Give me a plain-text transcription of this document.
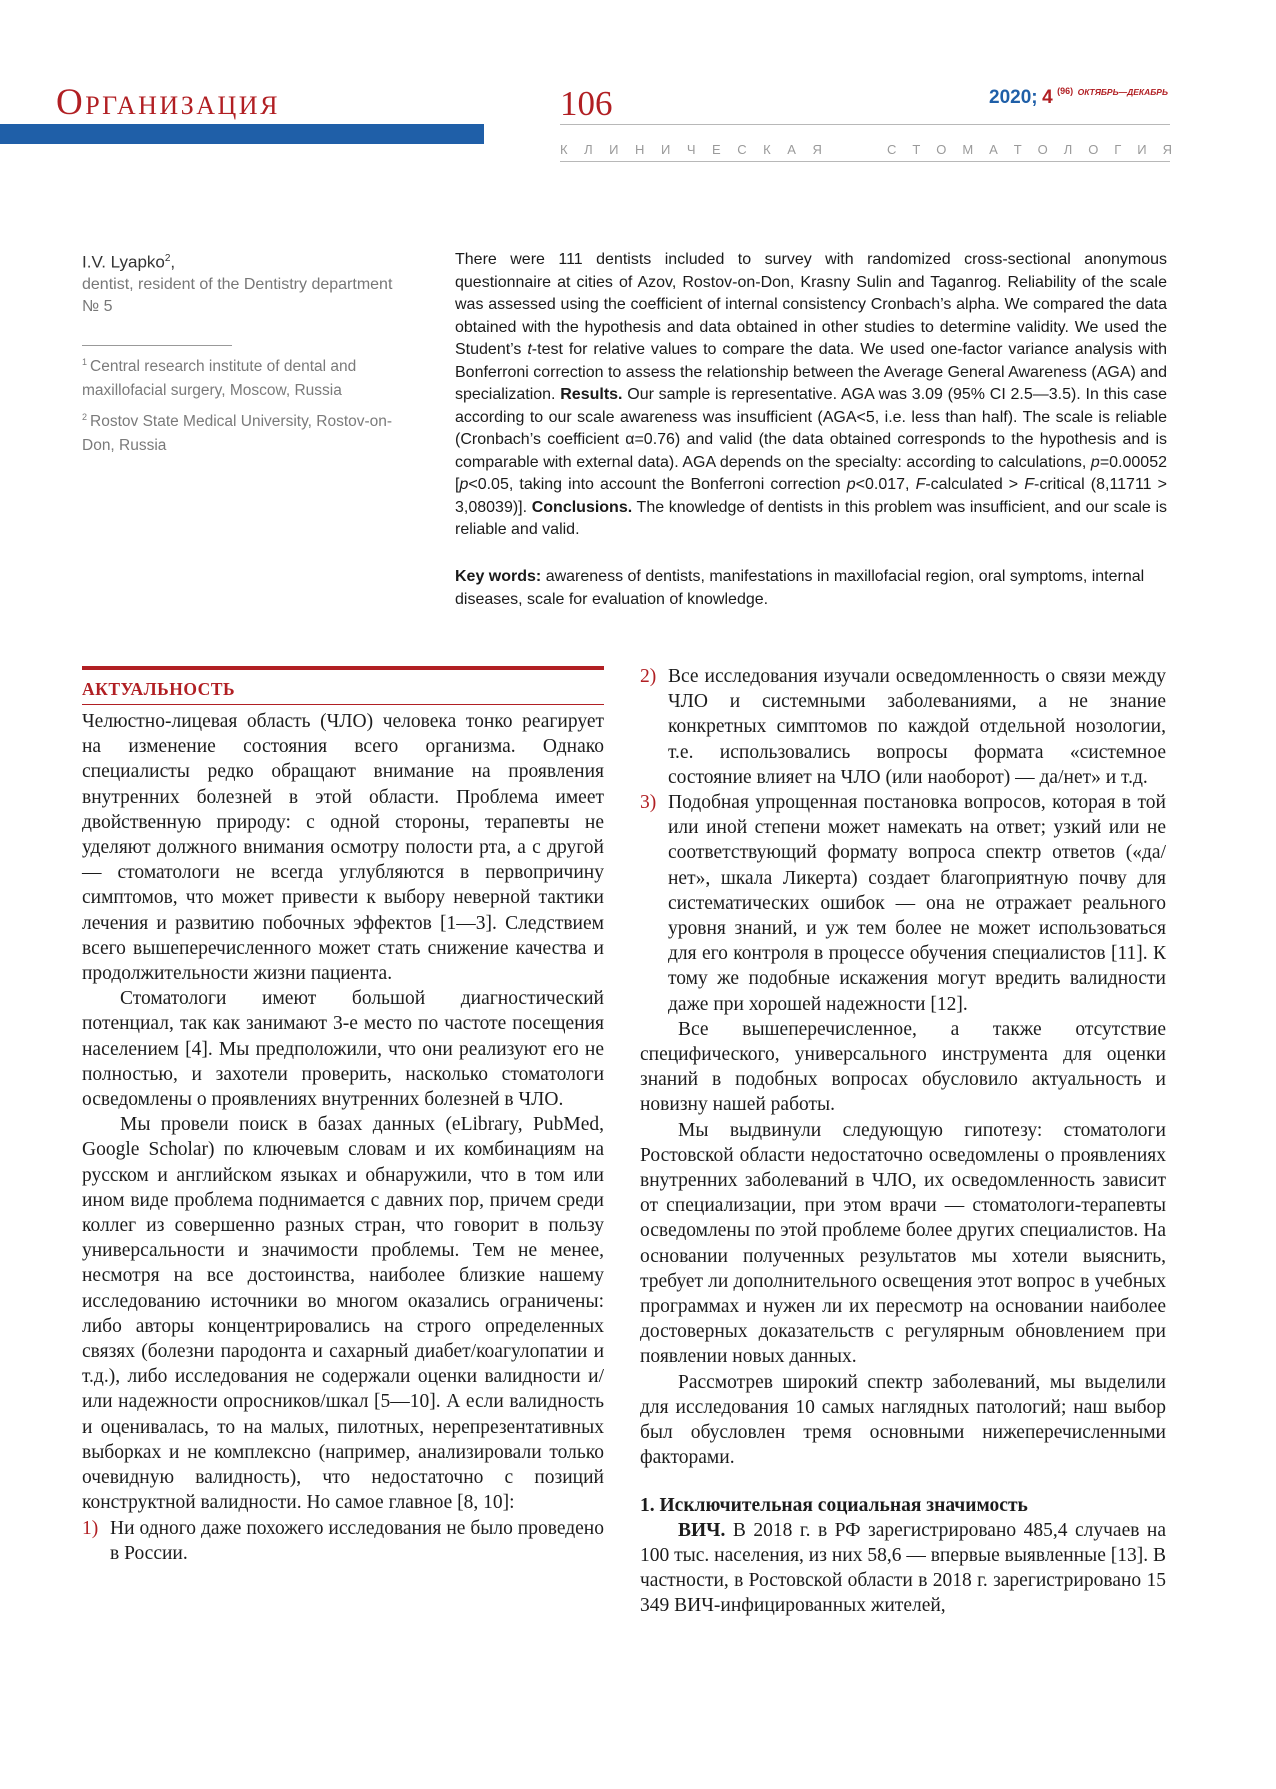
Организация	106	2020; 4 $^{(96)}$ $^{ОКТЯБРЬ—ДЕКАБРЬ}$
К Л И Н И Ч Е С К А Я	С Т О М А Т О Л О Г И Я
I.V. Lyapko$^2$,
dentist, resident of the Dentistry department № 5
$^1$ Central research institute of dental and maxillofacial surgery, Moscow, Russia
$^2$ Rostov State Medical University, Rostov-on-Don, Russia

There were 111 dentists included to survey with randomized cross-sectional anonymous questionnaire at cities of Azov, Rostov-on-Don, Krasny Sulin and Taganrog. Reliability of the scale was assessed using the coefficient of internal consistency Cronbach’s alpha. We compared the data obtained with the hypothesis and data obtained in other studies to determine validity. We used the Student’s t-test for relative values to compare the data. We used one-factor variance analysis with Bonferroni correction to assess the relationship between the Average General Awareness (AGA) and specialization. Results. Our sample is representative. AGA was 3.09 (95% CI 2.5—3.5). In this case according to our scale awareness was insufficient (AGA<5, i.e. less than half). The scale is reliable (Cronbach’s coefficient α=0.76) and valid (the data obtained corresponds to the hypothesis and is comparable with external data). AGA depends on the specialty: according to calculations, p=0.00052 [p<0.05, taking into account the Bonferroni correction p<0.017, F-calculated > F-critical (8,11711 > 3,08039)]. Conclusions. The knowledge of dentists in this problem was insufficient, and our scale is reliable and valid.

Key words: awareness of dentists, manifestations in maxillofacial region, oral symptoms, internal diseases, scale for evaluation of knowledge.

АКТУАЛЬНОСТЬ

Челюстно-лицевая область (ЧЛО) человека тонко реагирует на изменение состояния всего организма. Однако специалисты редко обращают внимание на проявления внутренних болезней в этой области. Проблема имеет двойственную природу: с одной стороны, терапевты не уделяют должного внимания осмотру полости рта, а с другой — стоматологи не всегда углубляются в первопричину симптомов, что может привести к выбору неверной тактики лечения и развитию побочных эффектов [1—3]. Следствием всего вышеперечисленного может стать снижение качества и продолжительности жизни пациента.

Стоматологи имеют большой диагностический потенциал, так как занимают 3-е место по частоте посещения населением [4]. Мы предположили, что они реализуют его не полностью, и захотели проверить, насколько стоматологи осведомлены о проявлениях внутренних болезней в ЧЛО.

Мы провели поиск в базах данных (eLibrary, PubMed, Google Scholar) по ключевым словам и их комбинациям на русском и английском языках и обнаружили, что в том или ином виде проблема поднимается с давних пор, причем среди коллег из совершенно разных стран, что говорит в пользу универсальности и значимости проблемы. Тем не менее, несмотря на все достоинства, наиболее близкие нашему исследованию источники во многом оказались ограничены: либо авторы концентрировались на строго определенных связях (болезни пародонта и сахарный диабет/коагулопатии и т.д.), либо исследования не содержали оценки валидности и/или надежности опросников/шкал [5—10]. А если валидность и оценивалась, то на малых, пилотных, нерепрезентативных выборках и не комплексно (например, анализировали только очевидную валидность), что недостаточно с позиций конструктной валидности. Но самое главное [8, 10]:

1) Ни одного даже похожего исследования не было проведено в России.
2) Все исследования изучали осведомленность о связи между ЧЛО и системными заболеваниями, а не знание конкретных симптомов по каждой отдельной нозологии, т.е. использовались вопросы формата «системное состояние влияет на ЧЛО (или наоборот) — да/нет» и т.д.
3) Подобная упрощенная постановка вопросов, которая в той или иной степени может намекать на ответ; узкий или не соответствующий формату вопроса спектр ответов («да/нет», шкала Ликерта) создает благоприятную почву для систематических ошибок — она не отражает реального уровня знаний, и уж тем более не может использоваться для его контроля в процессе обучения специалистов [11]. К тому же подобные искажения могут вредить валидности даже при хорошей надежности [12].

Все вышеперечисленное, а также отсутствие специфического, универсального инструмента для оценки знаний в подобных вопросах обусловило актуальность и новизну нашей работы.

Мы выдвинули следующую гипотезу: стоматологи Ростовской области недостаточно осведомлены о проявлениях внутренних заболеваний в ЧЛО, их осведомленность зависит от специализации, при этом врачи — стоматологи-терапевты осведомлены по этой проблеме более других специалистов. На основании полученных результатов мы хотели выяснить, требует ли дополнительного освещения этот вопрос в учебных программах и нужен ли их пересмотр на основании наиболее достоверных доказательств с регулярным обновлением при появлении новых данных.

Рассмотрев широкий спектр заболеваний, мы выделили для исследования 10 самых наглядных патологий; наш выбор был обусловлен тремя основными нижеперечисленными факторами.

1. Исключительная социальная значимость

ВИЧ. В 2018 г. в РФ зарегистрировано 485,4 случаев на 100 тыс. населения, из них 58,6 — впервые выявленные [13]. В частности, в Ростовской области в 2018 г. зарегистрировано 15 349 ВИЧ-инфицированных жителей,
